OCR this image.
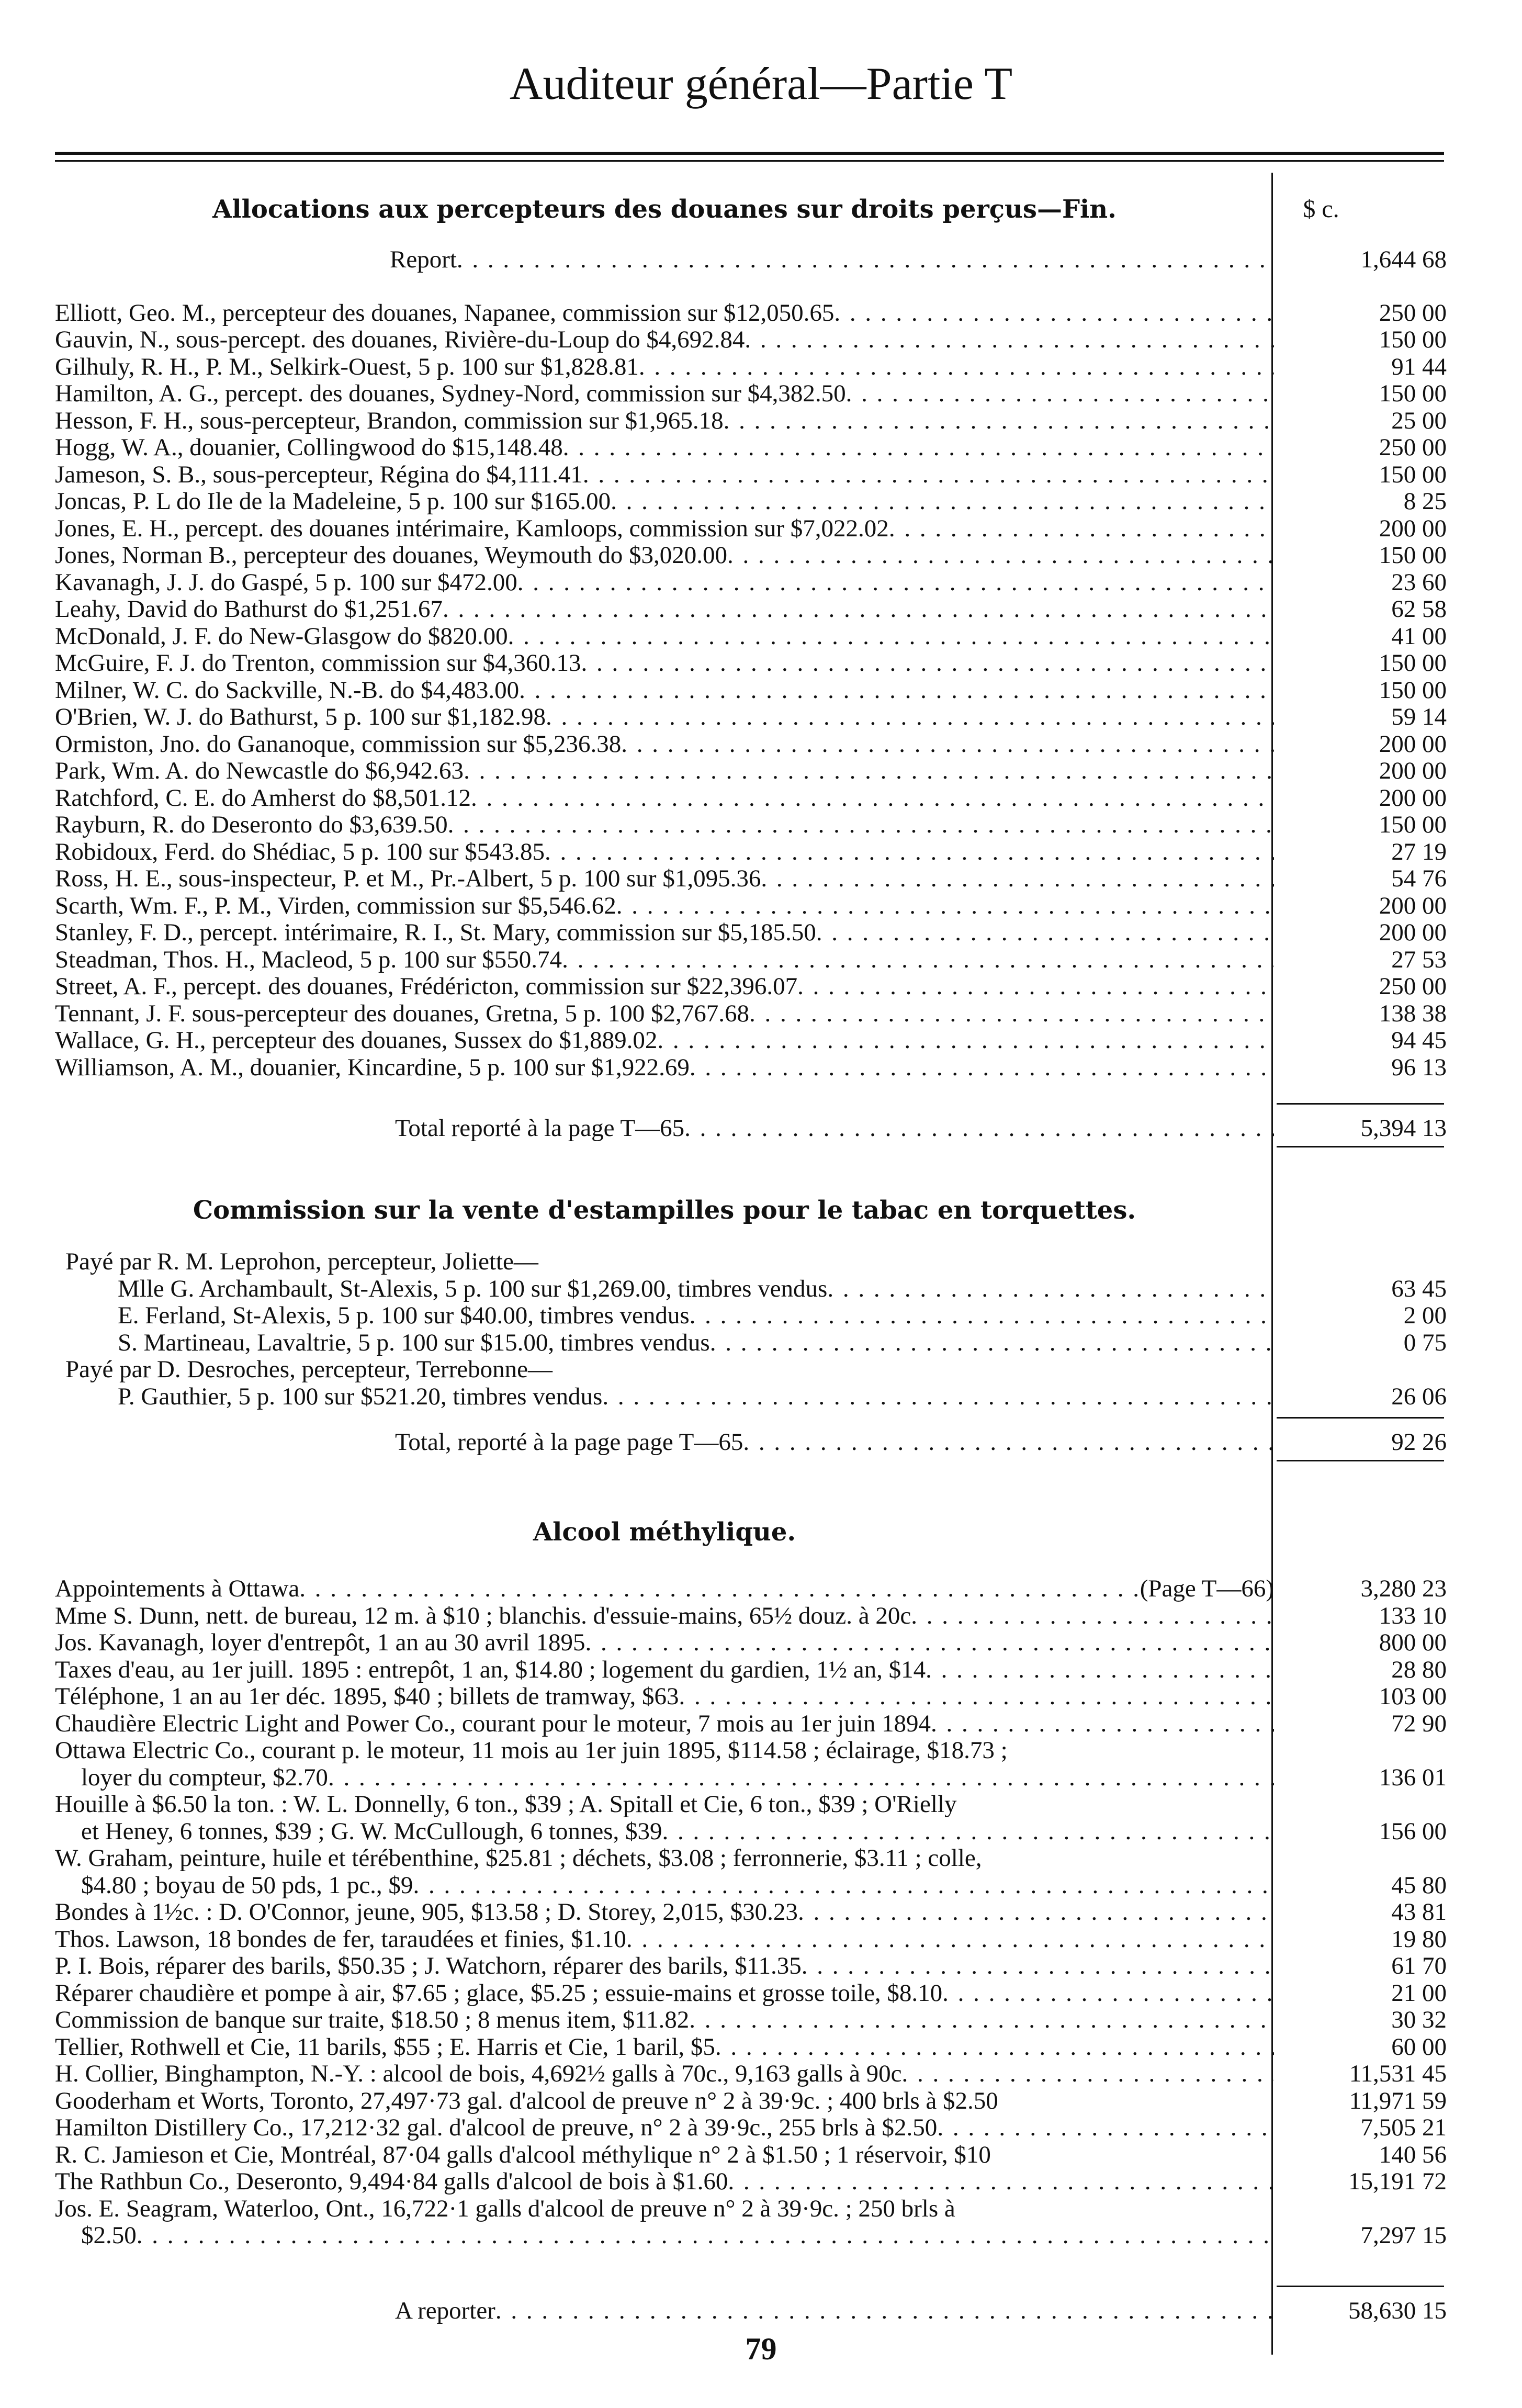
Auditeur général—Partie T
$ c.
Allocations aux percepteurs des douanes sur droits perçus—Fin.
Report . . .	1,644 68
Elliott, Geo. M., percepteur des douanes, Napanee, commission sur $12,050.65 . . .	250 00
Gauvin, N., sous-percept. des douanes, Rivière-du-Loup do $4,692.84 . . .	150 00
Gilhuly, R. H., P. M., Selkirk-Ouest, 5 p. 100 sur $1,828.81 . . .	91 44
Hamilton, A. G., percept. des douanes, Sydney-Nord, commission sur $4,382.50 . . .	150 00
Hesson, F. H., sous-percepteur, Brandon, commission sur $1,965.18 . . .	25 00
Hogg, W. A., douanier, Collingwood do $15,148.48 . . .	250 00
Jameson, S. B., sous-percepteur, Régina do $4,111.41 . . .	150 00
Joncas, P. L do Ile de la Madeleine, 5 p. 100 sur $165.00 . . .	8 25
Jones, E. H., percept. des douanes intérimaire, Kamloops, commission sur $7,022.02 . . .	200 00
Jones, Norman B., percepteur des douanes, Weymouth do $3,020.00 . . .	150 00
Kavanagh, J. J. do Gaspé, 5 p. 100 sur $472.00 . . .	23 60
Leahy, David do Bathurst do $1,251.67 . . .	62 58
McDonald, J. F. do New-Glasgow do $820.00 . . .	41 00
McGuire, F. J. do Trenton, commission sur $4,360.13 . . .	150 00
Milner, W. C. do Sackville, N.-B. do $4,483.00 . . .	150 00
O'Brien, W. J. do Bathurst, 5 p. 100 sur $1,182.98 . . .	59 14
Ormiston, Jno. do Gananoque, commission sur $5,236.38 . . .	200 00
Park, Wm. A. do Newcastle do $6,942.63 . . .	200 00
Ratchford, C. E. do Amherst do $8,501.12 . . .	200 00
Rayburn, R. do Deseronto do $3,639.50 . . .	150 00
Robidoux, Ferd. do Shédiac, 5 p. 100 sur $543.85 . . .	27 19
Ross, H. E., sous-inspecteur, P. et M., Pr.-Albert, 5 p. 100 sur $1,095.36 . . .	54 76
Scarth, Wm. F., P. M., Virden, commission sur $5,546.62 . . .	200 00
Stanley, F. D., percept. intérimaire, R. I., St. Mary, commission sur $5,185.50 . . .	200 00
Steadman, Thos. H., Macleod, 5 p. 100 sur $550.74 . . .	27 53
Street, A. F., percept. des douanes, Frédéricton, commission sur $22,396.07 . . .	250 00
Tennant, J. F. sous-percepteur des douanes, Gretna, 5 p. 100 $2,767.68 . . .	138 38
Wallace, G. H., percepteur des douanes, Sussex do $1,889.02 . . .	94 45
Williamson, A. M., douanier, Kincardine, 5 p. 100 sur $1,922.69 . . .	96 13
Total reporté à la page T—65 . . .	5,394 13
Commission sur la vente d'estampilles pour le tabac en torquettes.
Payé par R. M. Leprohon, percepteur, Joliette—
Mlle G. Archambault, St-Alexis, 5 p. 100 sur $1,269.00, timbres vendus . . .	63 45
E. Ferland, St-Alexis, 5 p. 100 sur $40.00, timbres vendus . . .	2 00
S. Martineau, Lavaltrie, 5 p. 100 sur $15.00, timbres vendus . . .	0 75
Payé par D. Desroches, percepteur, Terrebonne—
P. Gauthier, 5 p. 100 sur $521.20, timbres vendus . . .	26 06
Total, reporté à la page page T—65 . . .	92 26
Alcool méthylique.
Appointements à Ottawa . . .	(Page T—66)	3,280 23
Mme S. Dunn, nett. de bureau, 12 m. à $10 ; blanchis. d'essuie-mains, 65½ douz. à 20c . . .	133 10
Jos. Kavanagh, loyer d'entrepôt, 1 an au 30 avril 1895 . . .	800 00
Taxes d'eau, au 1er juill. 1895 : entrepôt, 1 an, $14.80 ; logement du gardien, 1½ an, $14 . . .	28 80
Téléphone, 1 an au 1er déc. 1895, $40 ; billets de tramway, $63 . . .	103 00
Chaudière Electric Light and Power Co., courant pour le moteur, 7 mois au 1er juin 1894 . . .	72 90
Ottawa Electric Co., courant p. le moteur, 11 mois au 1er juin 1895, $114.58 ; éclairage, $18.73 ;
loyer du compteur, $2.70 . . .	136 01
Houille à $6.50 la ton. : W. L. Donnelly, 6 ton., $39 ; A. Spitall et Cie, 6 ton., $39 ; O'Rielly
et Heney, 6 tonnes, $39 ; G. W. McCullough, 6 tonnes, $39 . . .	156 00
W. Graham, peinture, huile et térébenthine, $25.81 ; déchets, $3.08 ; ferronnerie, $3.11 ; colle,
$4.80 ; boyau de 50 pds, 1 pc., $9 . . .	45 80
Bondes à 1½c. : D. O'Connor, jeune, 905, $13.58 ; D. Storey, 2,015, $30.23 . . .	43 81
Thos. Lawson, 18 bondes de fer, taraudées et finies, $1.10 . . .	19 80
P. I. Bois, réparer des barils, $50.35 ; J. Watchorn, réparer des barils, $11.35 . . .	61 70
Réparer chaudière et pompe à air, $7.65 ; glace, $5.25 ; essuie-mains et grosse toile, $8.10 . . .	21 00
Commission de banque sur traite, $18.50 ; 8 menus item, $11.82 . . .	30 32
Tellier, Rothwell et Cie, 11 barils, $55 ; E. Harris et Cie, 1 baril, $5 . . .	60 00
H. Collier, Binghampton, N.-Y. : alcool de bois, 4,692½ galls à 70c., 9,163 galls à 90c . . .	11,531 45
Gooderham et Worts, Toronto, 27,497·73 gal. d'alcool de preuve n° 2 à 39·9c. ; 400 brls à $2.50	11,971 59
Hamilton Distillery Co., 17,212·32 gal. d'alcool de preuve, n° 2 à 39·9c., 255 brls à $2.50 . . .	7,505 21
R. C. Jamieson et Cie, Montréal, 87·04 galls d'alcool méthylique n° 2 à $1.50 ; 1 réservoir, $10	140 56
The Rathbun Co., Deseronto, 9,494·84 galls d'alcool de bois à $1.60 . . .	15,191 72
Jos. E. Seagram, Waterloo, Ont., 16,722·1 galls d'alcool de preuve n° 2 à 39·9c. ; 250 brls à
$2.50 . . .	7,297 15
A reporter . . .	58,630 15
79
